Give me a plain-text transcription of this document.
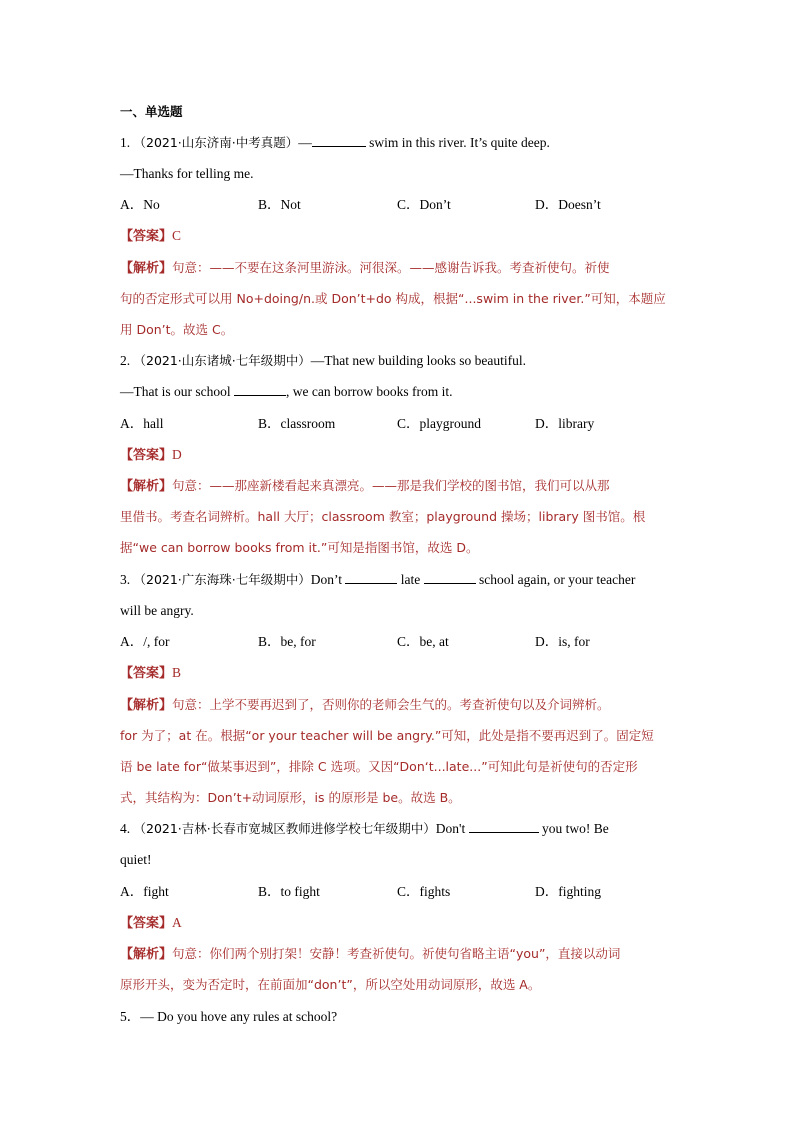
一、单选题
1. （2021·山东济南·中考真题）—	swim in this river. It’s quite deep.
—Thanks for telling me.
A．No	B．Not	C．Don’t	D．Doesn’t
【答案】C
【解析】句意：——不要在这条河里游泳。河很深。——感谢告诉我。考查祈使句。祈使
句的否定形式可以用 No+doing/n.或 Don’t+do 构成，根据“...swim in the river.”可知，本题应
用 Don’t。故选 C。
2. （2021·山东诸城·七年级期中）—That new building looks so beautiful.
—That is our school	, we can borrow books from it.
A．hall	B．classroom	C．playground	D．library
【答案】D
【解析】句意：——那座新楼看起来真漂亮。——那是我们学校的图书馆，我们可以从那
里借书。考查名词辨析。hall 大厅；classroom 教室；playground 操场；library 图书馆。根
据“we can borrow books from it.”可知是指图书馆，故选 D。
3. （2021·广东海珠·七年级期中）Don’t	late	school again, or your teacher
will be angry.
A．/, for	B．be, for	C．be, at	D．is, for
【答案】B
【解析】句意：上学不要再迟到了，否则你的老师会生气的。考查祈使句以及介词辨析。
for 为了；at 在。根据“or your teacher will be angry.”可知，此处是指不要再迟到了。固定短
语 be late for“做某事迟到”，排除 C 选项。又因“Don‘t...late...”可知此句是祈使句的否定形
式，其结构为：Don’t+动词原形，is 的原形是 be。故选 B。
4. （2021·吉林·长春市宽城区教师进修学校七年级期中）Don't	you two! Be
quiet!
A．fight	B．to fight	C．fights	D．fighting
【答案】A
【解析】句意：你们两个别打架！安静！考查祈使句。祈使句省略主语“you”，直接以动词
原形开头，变为否定时，在前面加“don’t”，所以空处用动词原形，故选 A。
5．— Do you hove any rules at school?
